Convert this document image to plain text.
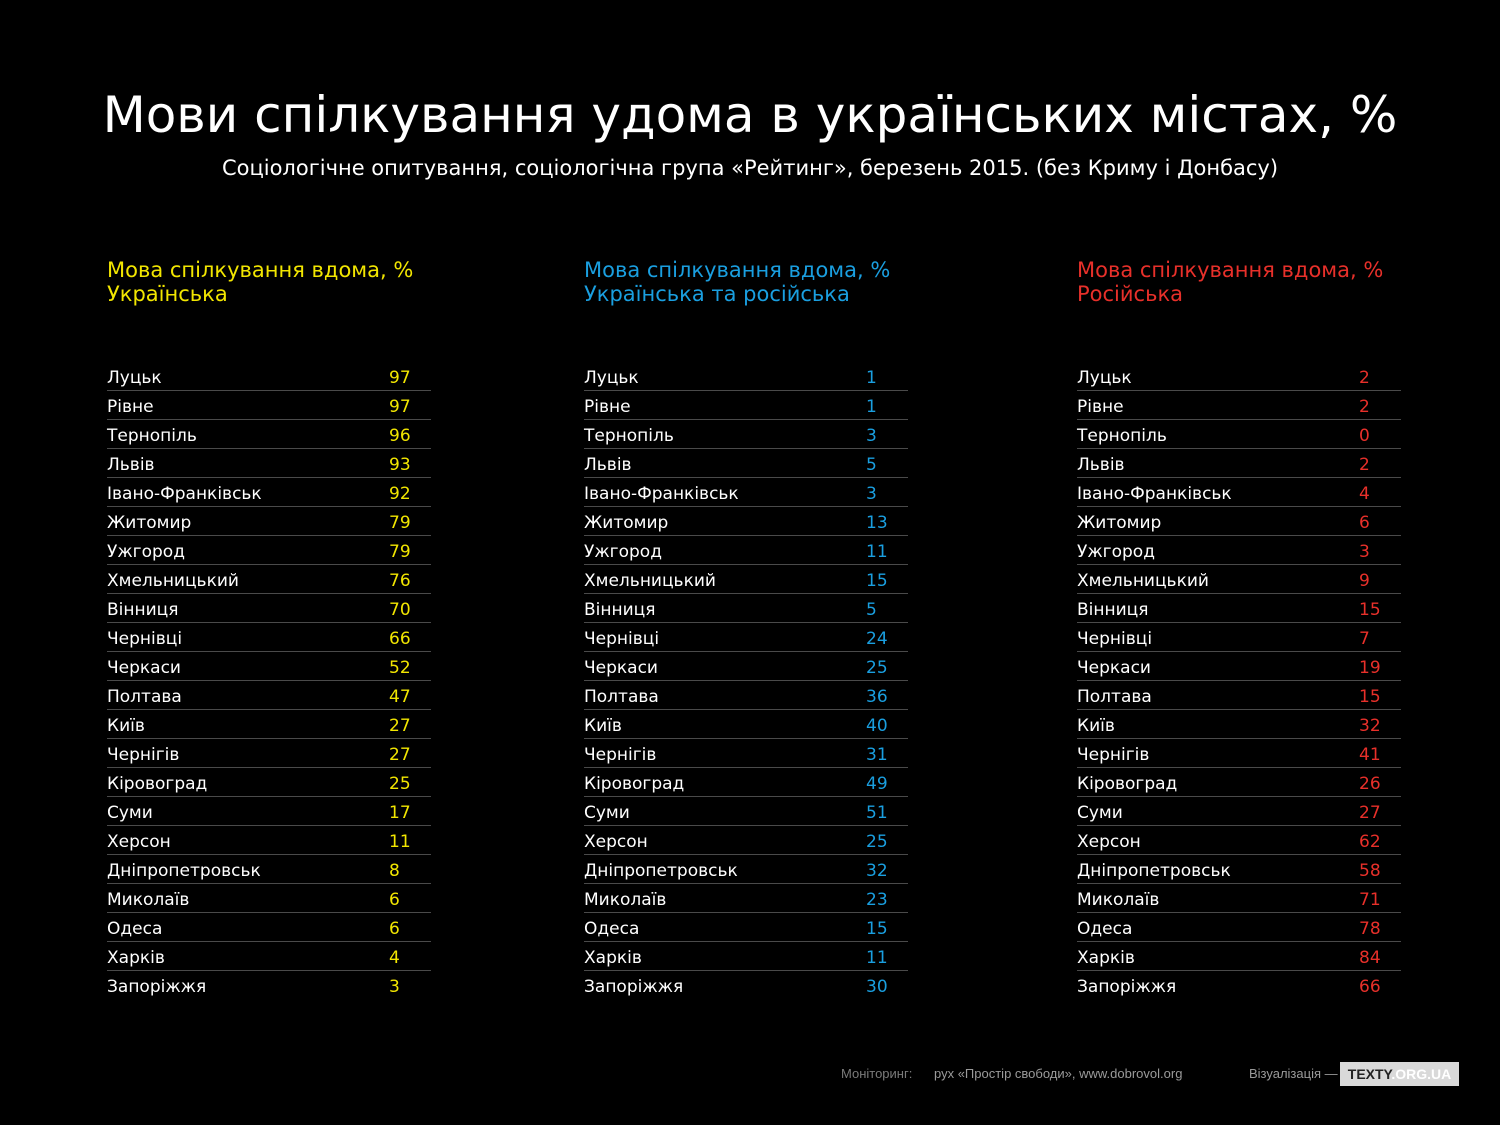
Мови спілкування удома в українських містах, %

Соціологічне опитування, соціологічна група «Рейтинг», березень 2015. (без Криму і Донбасу)

Мова спілкування вдома, %
Українська
Луцьк	97
Рівне	97
Тернопіль	96
Львів	93
Івано-Франківськ	92
Житомир	79
Ужгород	79
Хмельницький	76
Вінниця	70
Чернівці	66
Черкаси	52
Полтава	47
Київ	27
Чернігів	27
Кіровоград	25
Суми	17
Херсон	11
Дніпропетровськ	8
Миколаїв	6
Одеса	6
Харків	4
Запоріжжя	3
Мова спілкування вдома, %
Українська та російська
Луцьк	1
Рівне	1
Тернопіль	3
Львів	5
Івано-Франківськ	3
Житомир	13
Ужгород	11
Хмельницький	15
Вінниця	5
Чернівці	24
Черкаси	25
Полтава	36
Київ	40
Чернігів	31
Кіровоград	49
Суми	51
Херсон	25
Дніпропетровськ	32
Миколаїв	23
Одеса	15
Харків	11
Запоріжжя	30
Мова спілкування вдома, %
Російська
Луцьк	2
Рівне	2
Тернопіль	0
Львів	2
Івано-Франківськ	4
Житомир	6
Ужгород	3
Хмельницький	9
Вінниця	15
Чернівці	7
Черкаси	19
Полтава	15
Київ	32
Чернігів	41
Кіровоград	26
Суми	27
Херсон	62
Дніпропетровськ	58
Миколаїв	71
Одеса	78
Харків	84
Запоріжжя	66
Моніторинг: рух «Простір свободи», www.dobrovol.org	Візуалізація — TEXTY.ORG.UA
